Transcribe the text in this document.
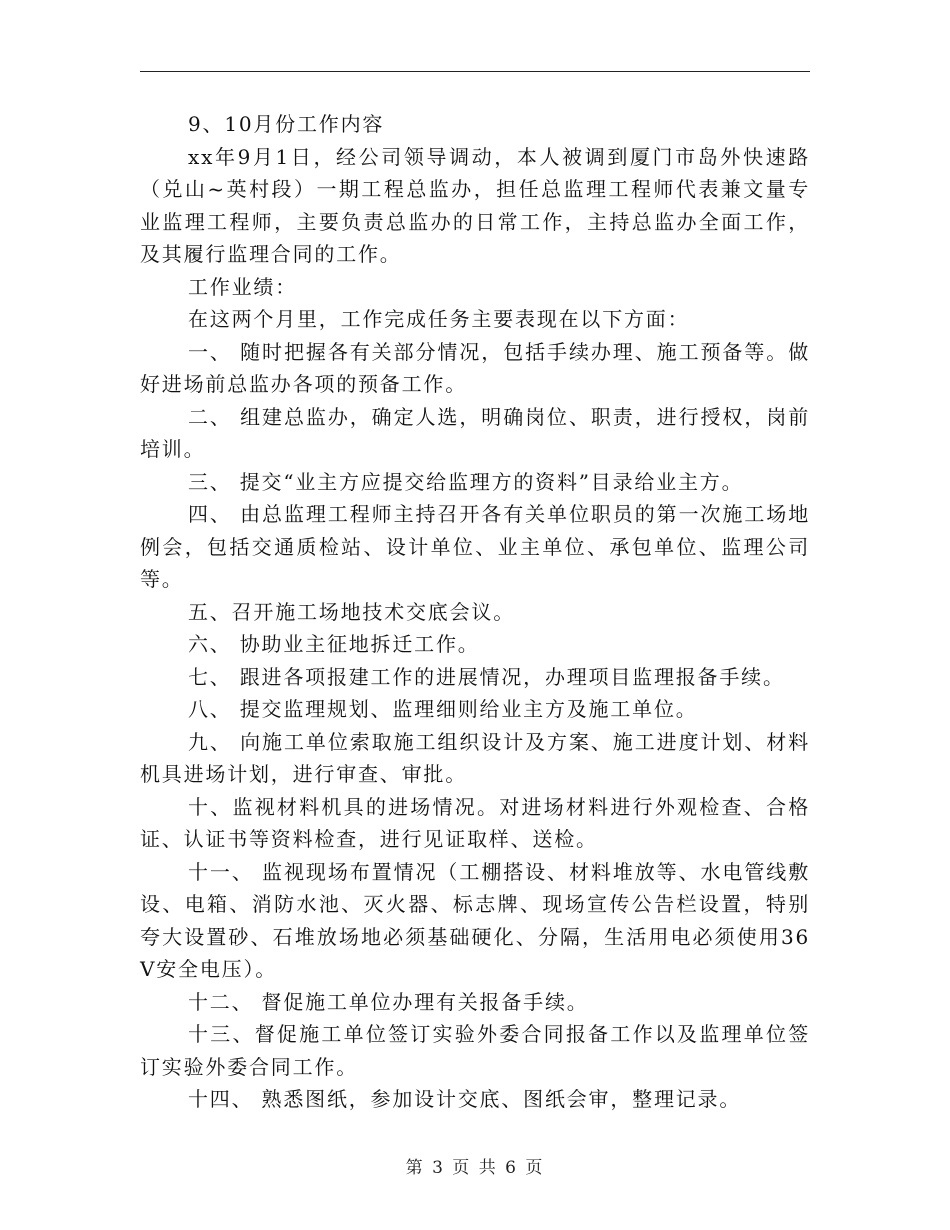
9、10月份工作内容

xx年9月1日，经公司领导调动，本人被调到厦门市岛外快速路（兑山~英村段）一期工程总监办，担任总监理工程师代表兼文量专业监理工程师，主要负责总监办的日常工作，主持总监办全面工作，及其履行监理合同的工作。

工作业绩：

在这两个月里，工作完成任务主要表现在以下方面：

一、 随时把握各有关部分情况，包括手续办理、施工预备等。做好进场前总监办各项的预备工作。

二、 组建总监办，确定人选，明确岗位、职责，进行授权，岗前培训。

三、 提交“业主方应提交给监理方的资料”目录给业主方。

四、 由总监理工程师主持召开各有关单位职员的第一次施工场地例会，包括交通质检站、设计单位、业主单位、承包单位、监理公司等。

五、召开施工场地技术交底会议。

六、 协助业主征地拆迁工作。

七、 跟进各项报建工作的进展情况，办理项目监理报备手续。

八、 提交监理规划、监理细则给业主方及施工单位。

九、 向施工单位索取施工组织设计及方案、施工进度计划、材料机具进场计划，进行审查、审批。

十、监视材料机具的进场情况。对进场材料进行外观检查、合格证、认证书等资料检查，进行见证取样、送检。

十一、 监视现场布置情况（工棚搭设、材料堆放等、水电管线敷设、电箱、消防水池、灭火器、标志牌、现场宣传公告栏设置，特别夸大设置砂、石堆放场地必须基础硬化、分隔，生活用电必须使用36V安全电压）。

十二、 督促施工单位办理有关报备手续。

十三、督促施工单位签订实验外委合同报备工作以及监理单位签订实验外委合同工作。

十四、 熟悉图纸，参加设计交底、图纸会审，整理记录。

第 3 页 共 6 页
